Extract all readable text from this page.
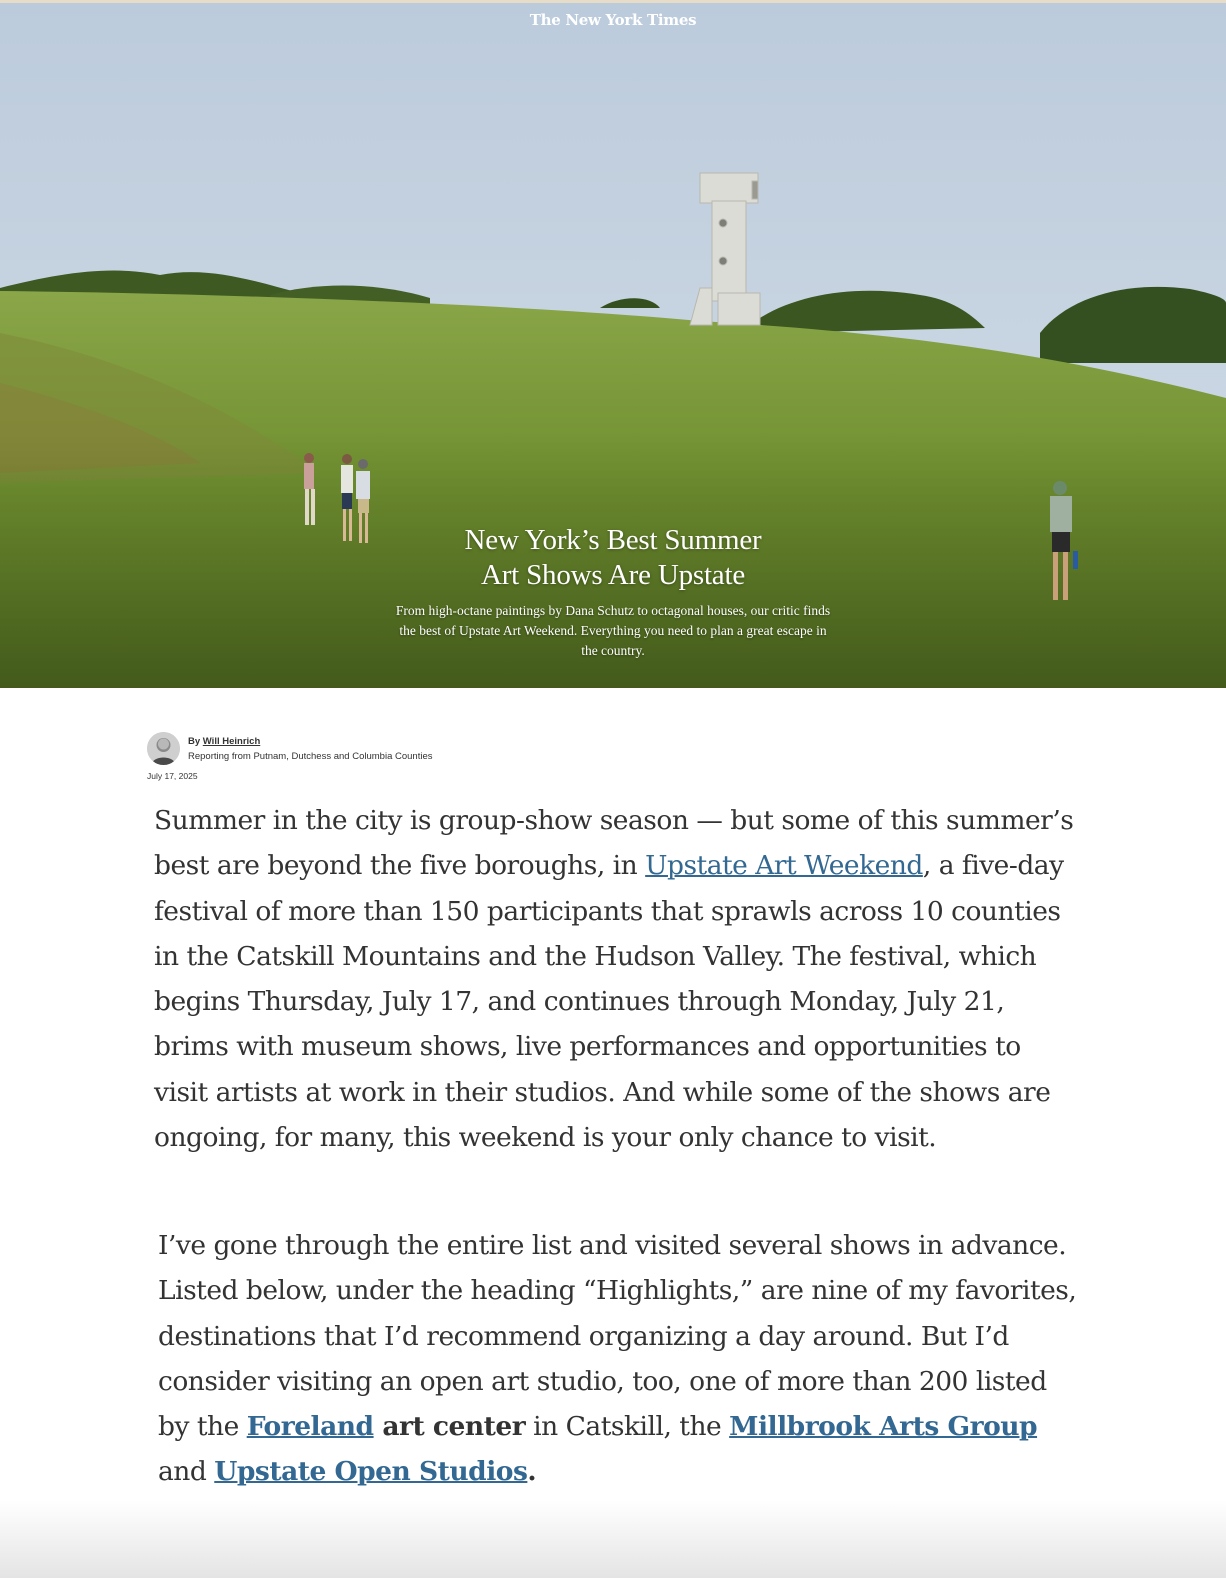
The New York Times
New York’s Best Summer
Art Shows Are Upstate

From high-octane paintings by Dana Schutz to octagonal houses, our critic finds the best of Upstate Art Weekend. Everything you need to plan a great escape in the country.

By Will Heinrich
Reporting from Putnam, Dutchess and Columbia Counties
July 17, 2025

Summer in the city is group-show season — but some of this summer’s best are beyond the five boroughs, in Upstate Art Weekend, a five-day festival of more than 150 participants that sprawls across 10 counties in the Catskill Mountains and the Hudson Valley. The festival, which begins Thursday, July 17, and continues through Monday, July 21, brims with museum shows, live performances and opportunities to visit artists at work in their studios. And while some of the shows are ongoing, for many, this weekend is your only chance to visit.

I’ve gone through the entire list and visited several shows in advance. Listed below, under the heading “Highlights,” are nine of my favorites, destinations that I’d recommend organizing a day around. But I’d consider visiting an open art studio, too, one of more than 200 listed by the Foreland art center in Catskill, the Millbrook Arts Group and Upstate Open Studios.
